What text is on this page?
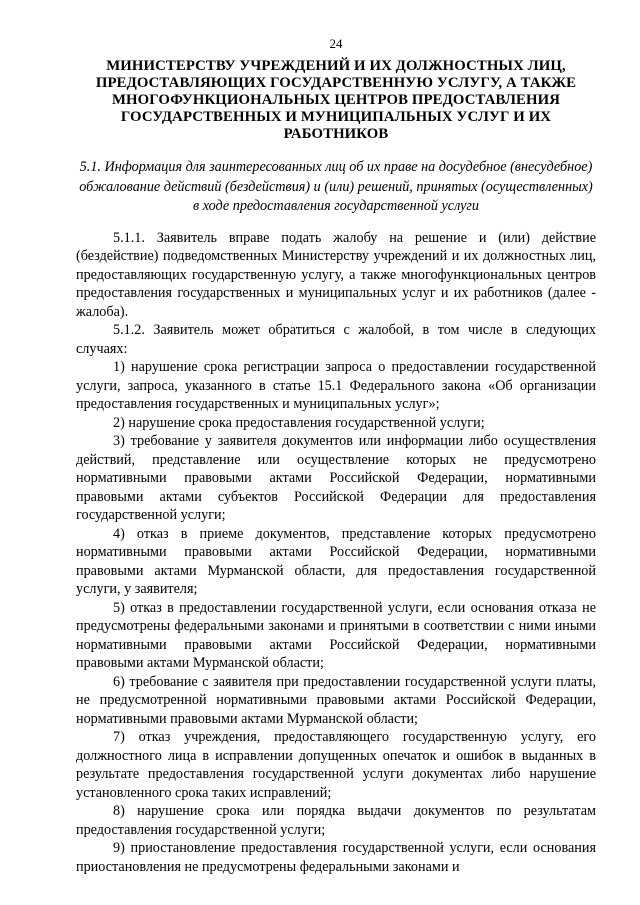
24
МИНИСТЕРСТВУ УЧРЕЖДЕНИЙ И ИХ ДОЛЖНОСТНЫХ ЛИЦ, ПРЕДОСТАВЛЯЮЩИХ ГОСУДАРСТВЕННУЮ УСЛУГУ, А ТАКЖЕ МНОГОФУНКЦИОНАЛЬНЫХ ЦЕНТРОВ ПРЕДОСТАВЛЕНИЯ ГОСУДАРСТВЕННЫХ И МУНИЦИПАЛЬНЫХ УСЛУГ И ИХ РАБОТНИКОВ
5.1. Информация для заинтересованных лиц об их праве на досудебное (внесудебное) обжалование действий (бездействия) и (или) решений, принятых (осуществленных) в ходе предоставления государственной услуги

5.1.1. Заявитель вправе подать жалобу на решение и (или) действие (бездействие) подведомственных Министерству учреждений и их должностных лиц, предоставляющих государственную услугу, а также многофункциональных центров предоставления государственных и муниципальных услуг и их работников (далее - жалоба).

5.1.2. Заявитель может обратиться с жалобой, в том числе в следующих случаях:

1) нарушение срока регистрации запроса о предоставлении государственной услуги, запроса, указанного в статье 15.1 Федерального закона «Об организации предоставления государственных и муниципальных услуг»;

2) нарушение срока предоставления государственной услуги;

3) требование у заявителя документов или информации либо осуществления действий, представление или осуществление которых не предусмотрено нормативными правовыми актами Российской Федерации, нормативными правовыми актами субъектов Российской Федерации для предоставления государственной услуги;

4) отказ в приеме документов, представление которых предусмотрено нормативными правовыми актами Российской Федерации, нормативными правовыми актами Мурманской области, для предоставления государственной услуги, у заявителя;

5) отказ в предоставлении государственной услуги, если основания отказа не предусмотрены федеральными законами и принятыми в соответствии с ними иными нормативными правовыми актами Российской Федерации, нормативными правовыми актами Мурманской области;

6) требование с заявителя при предоставлении государственной услуги платы, не предусмотренной нормативными правовыми актами Российской Федерации, нормативными правовыми актами Мурманской области;

7) отказ учреждения, предоставляющего государственную услугу, его должностного лица в исправлении допущенных опечаток и ошибок в выданных в результате предоставления государственной услуги документах либо нарушение установленного срока таких исправлений;

8) нарушение срока или порядка выдачи документов по результатам предоставления государственной услуги;

9) приостановление предоставления государственной услуги, если основания приостановления не предусмотрены федеральными законами и
